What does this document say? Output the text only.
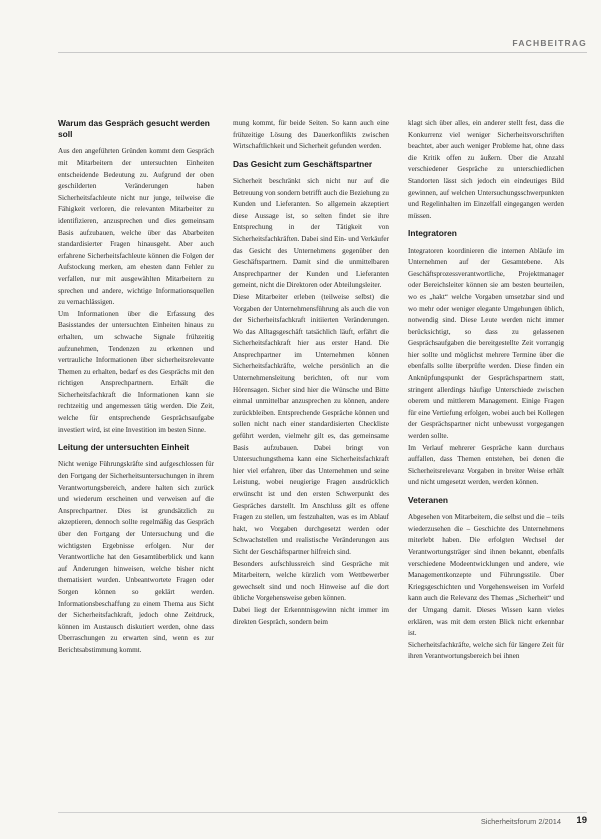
FACHBEITRAG
Warum das Gespräch gesucht werden soll

Aus den angeführten Gründen kommt dem Gespräch mit Mitarbeitern der untersuchten Einheiten entscheidende Bedeutung zu. Aufgrund der oben geschilderten Veränderungen haben Sicherheitsfachleute nicht nur junge, teilweise die Fähigkeit verloren, die relevanten Mitarbeiter zu identifizieren, anzusprechen und dies gemeinsam Basis aufzubauen, welche über das Abarbeiten standardisierter Fragen hinausgeht. Aber auch erfahrene Sicherheitsfachleute können die Folgen der Aufstockung merken, am ehesten dann Fehler zu verfallen, nur mit ausgewählten Mitarbeitern zu sprechen und andere, wichtige Informationsquellen zu vernachlässigen.

Um Informationen über die Erfassung des Basisstandes der untersuchten Einheiten hinaus zu erhalten, um schwache Signale frühzeitig aufzunehmen, Tendenzen zu erkennen und vertrauliche Informationen über sicherheitsrelevante Themen zu erhalten, bedarf es des Gesprächs mit den richtigen Ansprechpartnern. Erhält die Sicherheitsfachkraft die Informationen kann sie rechtzeitig und angemessen tätig werden. Die Zeit, welche für entsprechende Gesprächsaufgabe investiert wird, ist eine Investition im besten Sinne.

Leitung der untersuchten Einheit

Nicht wenige Führungskräfte sind aufgeschlossen für den Fortgang der Sicherheitsuntersuchungen in ihrem Verantwortungsbereich, andere halten sich zurück und wiederum erscheinen und verweisen auf die Ansprechpartner. Dies ist grundsätzlich zu akzeptieren, dennoch sollte regelmäßig das Gespräch über den Fortgang der Untersuchung und die wichtigsten Ergebnisse erfolgen. Nur der Verantwortliche hat den Gesamtüberblick und kann auf Änderungen hinweisen, welche bisher nicht thematisiert wurden. Unbeantwortete Fragen oder Sorgen können so geklärt werden. Informationsbeschaffung zu einem Thema aus Sicht der Sicherheitsfachkraft, jedoch ohne Zeitdruck, können im Austausch diskutiert werden, ohne dass Überraschungen zu erwarten sind, wenn es zur Berichtsabstimmung kommt.

mung kommt, für beide Seiten. So kann auch eine frühzeitige Lösung des Dauerkonflikts zwischen Wirtschaftlichkeit und Sicherheit gefunden werden.

Das Gesicht zum Geschäftspartner

Sicherheit beschränkt sich nicht nur auf die Betreuung von sondern betrifft auch die Beziehung zu Kunden und Lieferanten. So allgemein akzeptiert diese Aussage ist, so selten findet sie ihre Entsprechung in der Tätigkeit von Sicherheitsfachkräften. Dabei sind Ein- und Verkäufer das Gesicht des Unternehmens gegenüber den Geschäftspartnern. Damit sind die unmittelbaren Ansprechpartner der Kunden und Lieferanten gemeint, nicht die Direktoren oder Abteilungsleiter.

Diese Mitarbeiter erleben (teilweise selbst) die Vorgaben der Unternehmensführung als auch die von der Sicherheitsfachkraft initiierten Veränderungen. Wo das Alltagsgeschäft tatsächlich läuft, erfährt die Sicherheitsfachkraft hier aus erster Hand. Die Ansprechpartner im Unternehmen können Sicherheitsfachkräfte, welche persönlich an die Unternehmensleitung berichten, oft nur vom Hörensagen. Sicher sind hier die Wünsche und Bitte einmal unmittelbar anzusprechen zu können, andere zurückbleiben. Entsprechende Gespräche können und sollen nicht nach einer standardisierten Checkliste geführt werden, vielmehr gilt es, das gemeinsame Basis aufzubauen. Dabei bringt von Untersuchungsthema kann eine Sicherheitsfachkraft hier viel erfahren, über das Unternehmen und seine Leistung, wobei neugierige Fragen ausdrücklich erwünscht ist und den ersten Schwerpunkt des Gespräches darstellt. Im Anschluss gilt es offene Fragen zu stellen, um festzuhalten, was es im Ablauf hakt, wo Vorgaben durchgesetzt werden oder Schwachstellen und realistische Veränderungen aus Sicht der Geschäftspartner hilfreich sind.

Besonders aufschlussreich sind Gespräche mit Mitarbeitern, welche kürzlich vom Wettbewerber gewechselt sind und noch Hinweise auf die dort übliche Vorgehensweise geben können.

Dabei liegt der Erkenntnisgewinn nicht immer im direkten Gespräch, sondern beim

klagt sich über alles, ein anderer stellt fest, dass die Konkurrenz viel weniger Sicherheitsvorschriften beachtet, aber auch weniger Probleme hat, ohne dass die Kritik offen zu äußern. Über die Anzahl verschiedener Gespräche zu unterschiedlichen Standorten lässt sich jedoch ein eindeutiges Bild gewinnen, auf welchen Untersuchungsschwerpunkten und Regelinhalten im Einzelfall eingegangen werden müssen.

Integratoren

Integratoren koordinieren die internen Abläufe im Unternehmen auf der Gesamtebene. Als Geschäftsprozessverantwortliche, Projektmanager oder Bereichsleiter können sie am besten beurteilen, wo es „hakt“ welche Vorgaben umsetzbar sind und wo mehr oder weniger elegante Umgehungen üblich, notwendig sind. Diese Leute werden nicht immer berücksichtigt, so dass zu gelassenen Gesprächsaufgaben die bereitgestellte Zeit vorrangig hier sollte und möglichst mehrere Termine über die ebenfalls sollte überprüfte werden. Diese finden ein Anknüpfungspunkt der Gesprächspartnern statt, stringent allerdings häufige Unterschiede zwischen oberem und mittlerem Management. Einige Fragen für eine Vertiefung erfolgen, wobei auch bei Kollegen der Gesprächspartner nicht unbewusst vorgegangen werden sollte.

Im Verlauf mehrerer Gespräche kann durchaus auffallen, dass Themen entstehen, bei denen die Sicherheitsrelevanz Vorgaben in breiter Weise erhält und nicht umgesetzt werden, werden können.

Veteranen

Abgesehen von Mitarbeitern, die selbst und die – teils wiederzusehen die – Geschichte des Unternehmens miterlebt haben. Die erfolgten Wechsel der Verantwortungsträger sind ihnen bekannt, ebenfalls verschiedene Modeentwicklungen und andere, wie Managementkonzepte und Führungsstile. Über Kriegsgeschichten und Vorgehensweisen im Vorfeld kann auch die Relevanz des Themas „Sicherheit“ und der Umgang damit. Dieses Wissen kann vieles erklären, was mit dem ersten Blick nicht erkennbar ist.

Sicherheitsfachkräfte, welche sich für längere Zeit für ihren Verantwortungsbereich bei ihnen

Sicherheitsforum 2/2014 19
